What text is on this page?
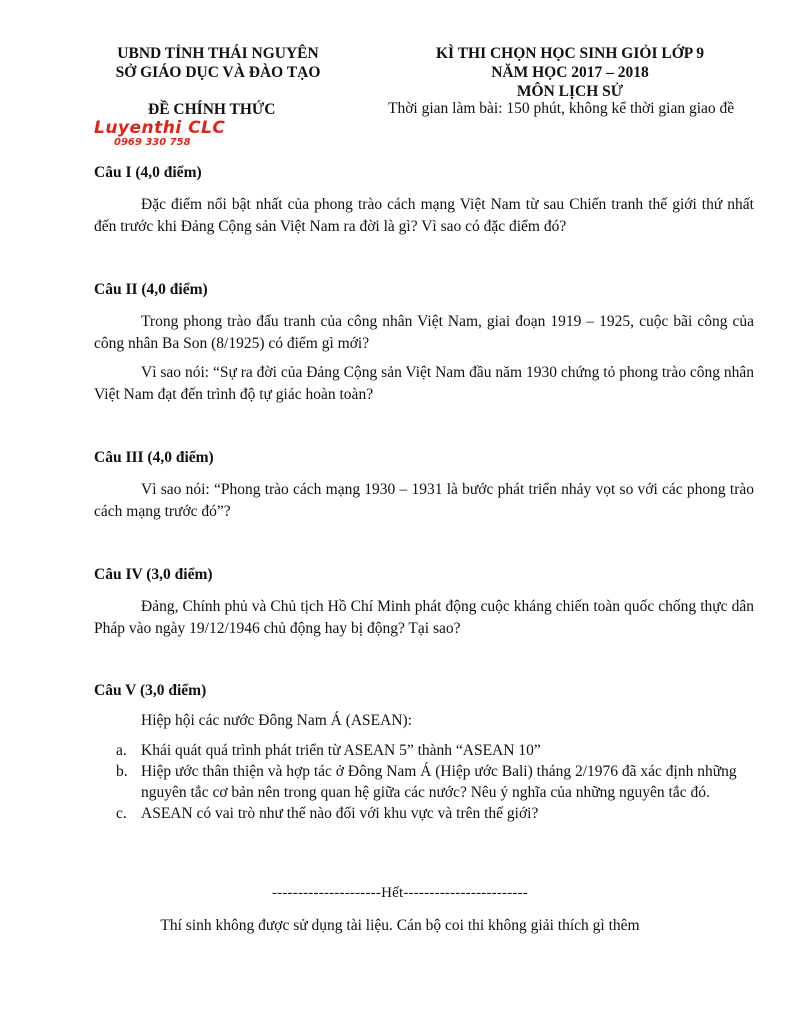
UBND TỈNH THÁI NGUYÊN
SỞ GIÁO DỤC VÀ ĐÀO TẠO
KÌ THI CHỌN HỌC SINH GIỎI LỚP 9
NĂM HỌC 2017 – 2018
MÔN LỊCH SỬ
ĐỀ CHÍNH THỨC	Thời gian làm bài: 150 phút, không kể thời gian giao đề
Luyenthi CLC
0969 330 758
Câu I (4,0 điểm)
Đặc điểm nổi bật nhất của phong trào cách mạng Việt Nam từ sau Chiến tranh thế giới thứ nhất đến trước khi Đảng Cộng sản Việt Nam ra đời là gì? Vì sao có đặc điểm đó?
Câu II (4,0 điểm)
Trong phong trào đấu tranh của công nhân Việt Nam, giai đoạn 1919 – 1925, cuộc bãi công của công nhân Ba Son (8/1925) có điểm gì mới?
Vì sao nói: “Sự ra đời của Đảng Cộng sản Việt Nam đầu năm 1930 chứng tỏ phong trào công nhân Việt Nam đạt đến trình độ tự giác hoàn toàn?
Câu III (4,0 điểm)
Vì sao nói: “Phong trào cách mạng 1930 – 1931 là bước phát triển nhảy vọt so với các phong trào cách mạng trước đó”?
Câu IV (3,0 điểm)
Đảng, Chính phủ và Chủ tịch Hồ Chí Minh phát động cuộc kháng chiến toàn quốc chống thực dân Pháp vào ngày 19/12/1946 chủ động hay bị động? Tại sao?
Câu V (3,0 điểm)
Hiệp hội các nước Đông Nam Á (ASEAN):
a. Khái quát quá trình phát triển từ ASEAN 5” thành “ASEAN 10”
b. Hiệp ước thân thiện và hợp tác ở Đông Nam Á (Hiệp ước Bali) tháng 2/1976 đã xác định những nguyên tắc cơ bản nên trong quan hệ giữa các nước? Nêu ý nghĩa của những nguyên tắc đó.
c. ASEAN có vai trò như thế nào đối với khu vực và trên thế giới?
---------------------Hết------------------------
Thí sinh không được sử dụng tài liệu. Cán bộ coi thi không giải thích gì thêm
